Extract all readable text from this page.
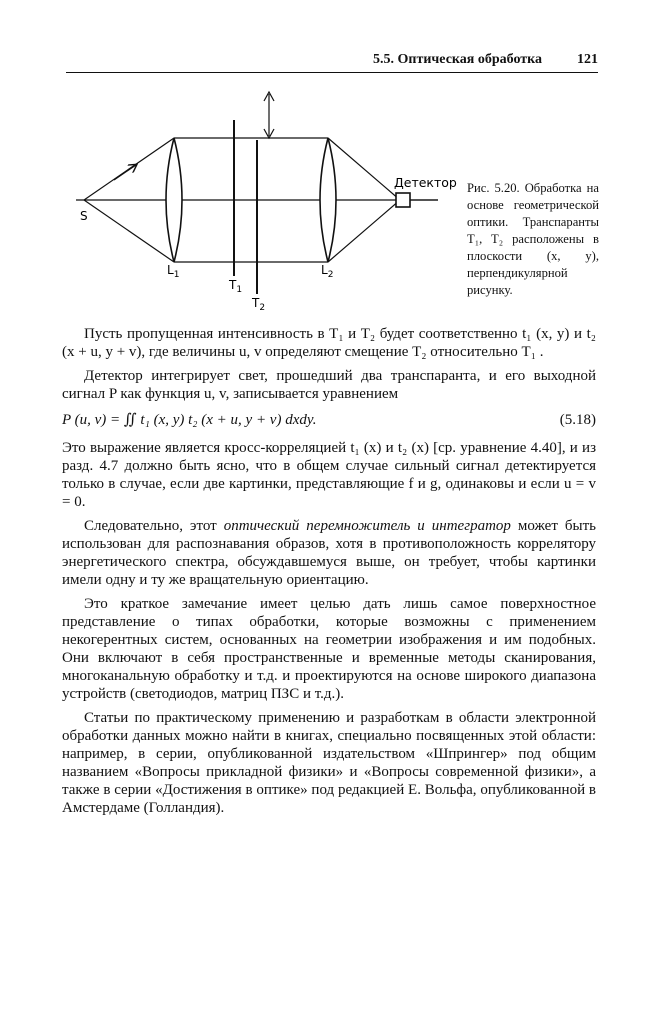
5.5. Оптическая обработка	121
S
$L_1$	$L_2$
$T_1$
$T_2$
Детектор Рис. 5.20. Обработка на основе геометрической оптики. Транспаранты T₁, T₂ расположены в плоскости (x, y), перпендикулярной рисунку.

Пусть пропущенная интенсивность в T₁ и T₂ будет соответственно t₁ (x, y) и t₂ (x + u, y + v), где величины u, v определяют смещение T₂ относительно T₁ .

Детектор интегрирует свет, прошедший два транспаранта, и его выходной сигнал P как функция u, v, записывается уравнением

P (u, v) = ∬ t₁ (x, y) t₂ (x + u, y + v) dxdy.	(5.18)

Это выражение является кросс-корреляцией t₁ (x) и t₂ (x) [ср. уравнение 4.40], и из разд. 4.7 должно быть ясно, что в общем случае сильный сигнал детектируется только в случае, если две картинки, представляющие f и g, одинаковы и если u = v = 0.

Следовательно, этот оптический перемножитель и интегратор может быть использован для распознавания образов, хотя в противоположность коррелятору энергетического спектра, обсуждавшемуся выше, он требует, чтобы картинки имели одну и ту же вращательную ориентацию.

Это краткое замечание имеет целью дать лишь самое поверхностное представление о типах обработки, которые возможны с применением некогерентных систем, основанных на геометрии изображения и им подобных. Они включают в себя пространственные и временные методы сканирования, многоканальную обработку и т.д. и проектируются на основе широкого диапазона устройств (светодиодов, матриц ПЗС и т.д.).

Статьи по практическому применению и разработкам в области электронной обработки данных можно найти в книгах, специально посвященных этой области: например, в серии, опубликованной издательством «Шпрингер» под общим названием «Вопросы прикладной физики» и «Вопросы современной физики», а также в серии «Достижения в оптике» под редакцией Е. Вольфа, опубликованной в Амстердаме (Голландия).
